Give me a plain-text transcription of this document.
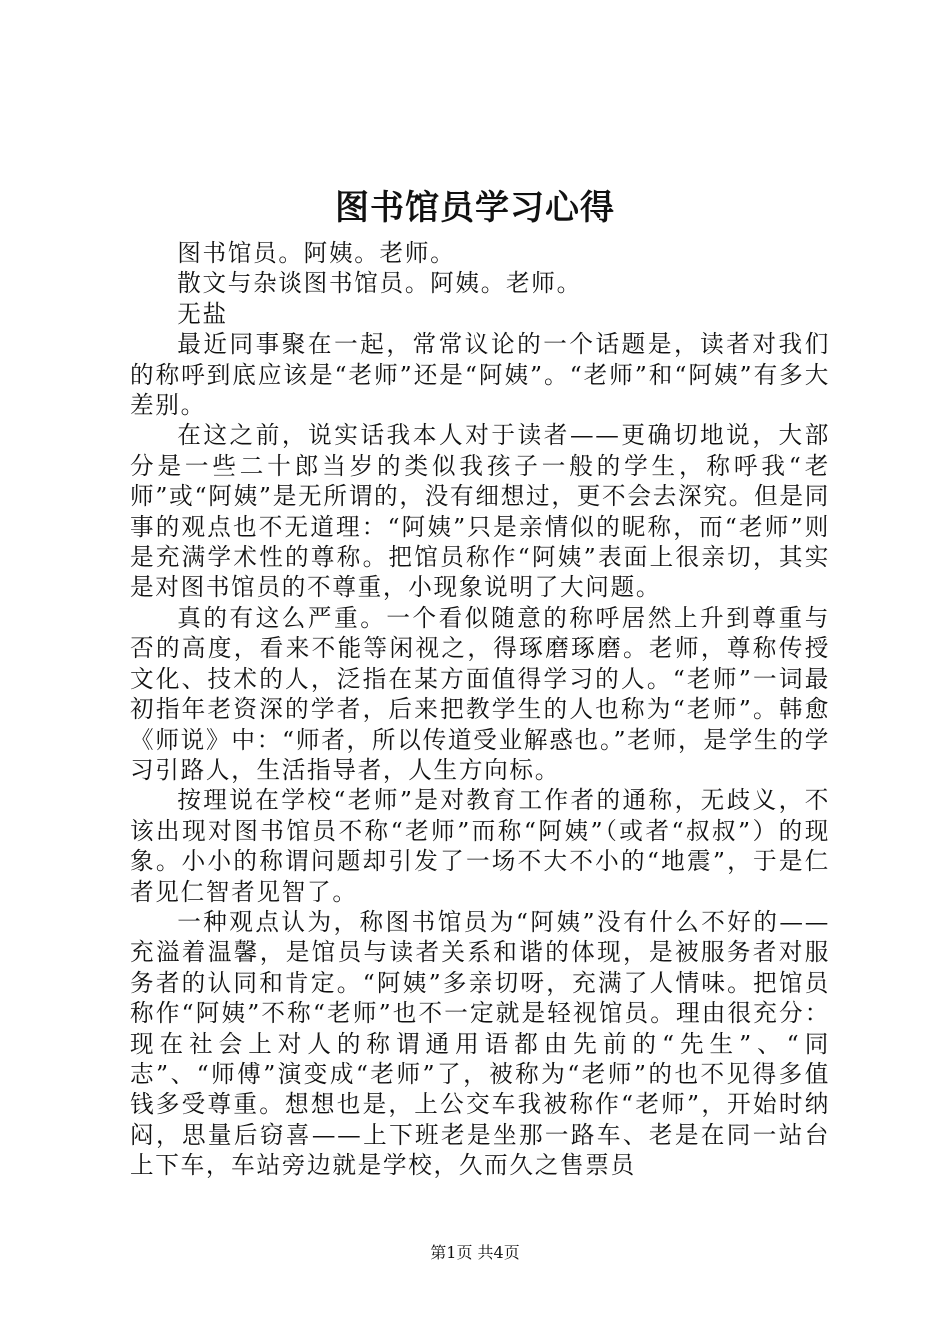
图书馆员学习心得

图书馆员。阿姨。老师。

散文与杂谈图书馆员。阿姨。老师。

无盐

最近同事聚在一起，常常议论的一个话题是，读者对我们的称呼到底应该是“老师”还是“阿姨”。“老师”和“阿姨”有多大差别。

在这之前，说实话我本人对于读者——更确切地说，大部分是一些二十郎当岁的类似我孩子一般的学生，称呼我“老师”或“阿姨”是无所谓的，没有细想过，更不会去深究。但是同事的观点也不无道理：“阿姨”只是亲情似的昵称，而“老师”则是充满学术性的尊称。把馆员称作“阿姨”表面上很亲切，其实是对图书馆员的不尊重，小现象说明了大问题。

真的有这么严重。一个看似随意的称呼居然上升到尊重与否的高度，看来不能等闲视之，得琢磨琢磨。老师，尊称传授文化、技术的人，泛指在某方面值得学习的人。“老师”一词最初指年老资深的学者，后来把教学生的人也称为“老师”。韩愈《师说》中：“师者，所以传道受业解惑也。”老师，是学生的学习引路人，生活指导者，人生方向标。

按理说在学校“老师”是对教育工作者的通称，无歧义，不该出现对图书馆员不称“老师”而称“阿姨”（或者“叔叔”）的现象。小小的称谓问题却引发了一场不大不小的“地震”，于是仁者见仁智者见智了。

一种观点认为，称图书馆员为“阿姨”没有什么不好的——充溢着温馨，是馆员与读者关系和谐的体现，是被服务者对服务者的认同和肯定。“阿姨”多亲切呀，充满了人情味。把馆员称作“阿姨”不称“老师”也不一定就是轻视馆员。理由很充分：现在社会上对人的称谓通用语都由先前的“先生”、“同志”、“师傅”演变成“老师”了，被称为“老师”的也不见得多值钱多受尊重。想想也是，上公交车我被称作“老师”，开始时纳闷，思量后窃喜——上下班老是坐那一路车、老是在同一站台上下车，车站旁边就是学校，久而久之售票员

第1页 共4页
